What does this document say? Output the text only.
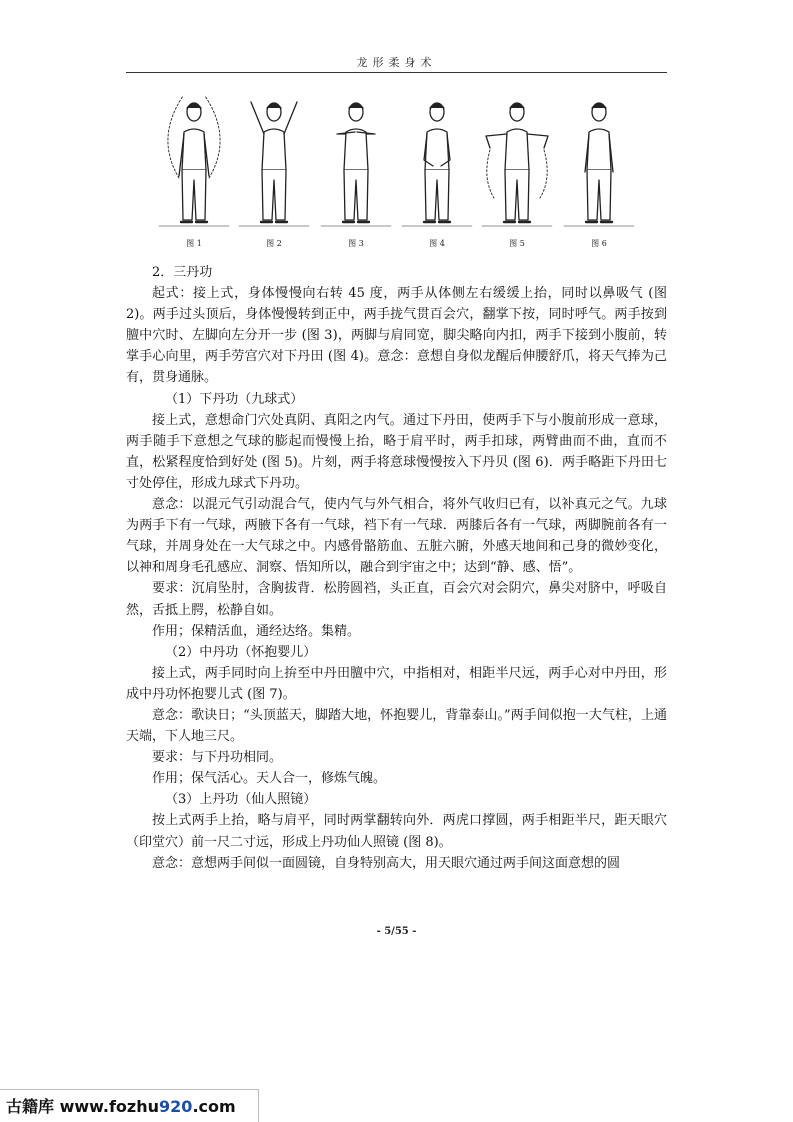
龙形柔身术
图 1	图 2	图 3	图 4	图 5	图 6

2．三丹功

起式：接上式，身体慢慢向右转 45 度，两手从体侧左右缓缓上抬，同时以鼻吸气 (图2)。两手过头顶后，身体慢慢转到正中，两手拢气贯百会穴，翻掌下按，同时呼气。两手按到膻中穴时、左脚向左分开一步 (图 3)，两脚与肩同宽，脚尖略向内扣，两手下接到小腹前，转掌手心向里，两手劳宫穴对下丹田 (图 4)。意念：意想自身似龙醒后伸腰舒爪，将天气捧为己有，贯身通脉。

（1）下丹功（九球式）

接上式，意想命门穴处真阴、真阳之内气。通过下丹田，使两手下与小腹前形成一意球，两手随手下意想之气球的膨起而慢慢上抬，略于肩平时，两手扣球，两臂曲而不曲，直而不直，松紧程度恰到好处 (图 5)。片刻，两手将意球慢慢按入下丹贝 (图 6)．两手略距下丹田七寸处停住，形成九球式下丹功。

意念：以混元气引动混合气，使内气与外气相合，将外气收归已有，以补真元之气。九球为两手下有一气球，两腋下各有一气球，裆下有一气球．两膝后各有一气球，两脚腕前各有一气球，并周身处在一大气球之中。内感骨骼筋血、五脏六腑，外感天地间和己身的微妙变化，以神和周身毛孔感应、洞察、悟知所以，融合到宇宙之中；达到“静、感、悟”。

要求：沉肩坠肘，含胸拔背．松胯圆裆，头正直，百会穴对会阴穴，鼻尖对脐中，呼吸自然，舌抵上腭，松静自如。

作用；保精活血，通经达络。集精。

（2）中丹功（怀抱婴儿）

接上式，两手同时向上拚至中丹田膻中穴，中指相对，相距半尺远，两手心对中丹田，形成中丹功怀抱婴儿式 (图 7)。

意念：歌诀日；“头顶蓝天，脚踏大地，怀抱婴儿，背靠泰山。”两手间似抱一大气柱，上通天端，下人地三尺。

要求：与下丹功相同。

作用；保气活心。天人合一，修炼气魄。

（3）上丹功（仙人照镜）

按上式两手上抬，略与肩平，同时两掌翻转向外．两虎口撑圆，两手相距半尺，距天眼穴（印堂穴）前一尺二寸远，形成上丹功仙人照镜 (图 8)。

意念：意想两手间似一面圆镜，自身特别高大，用天眼穴通过两手间这面意想的圆

- 5/55 -
古籍库 www.fozhu920.com
